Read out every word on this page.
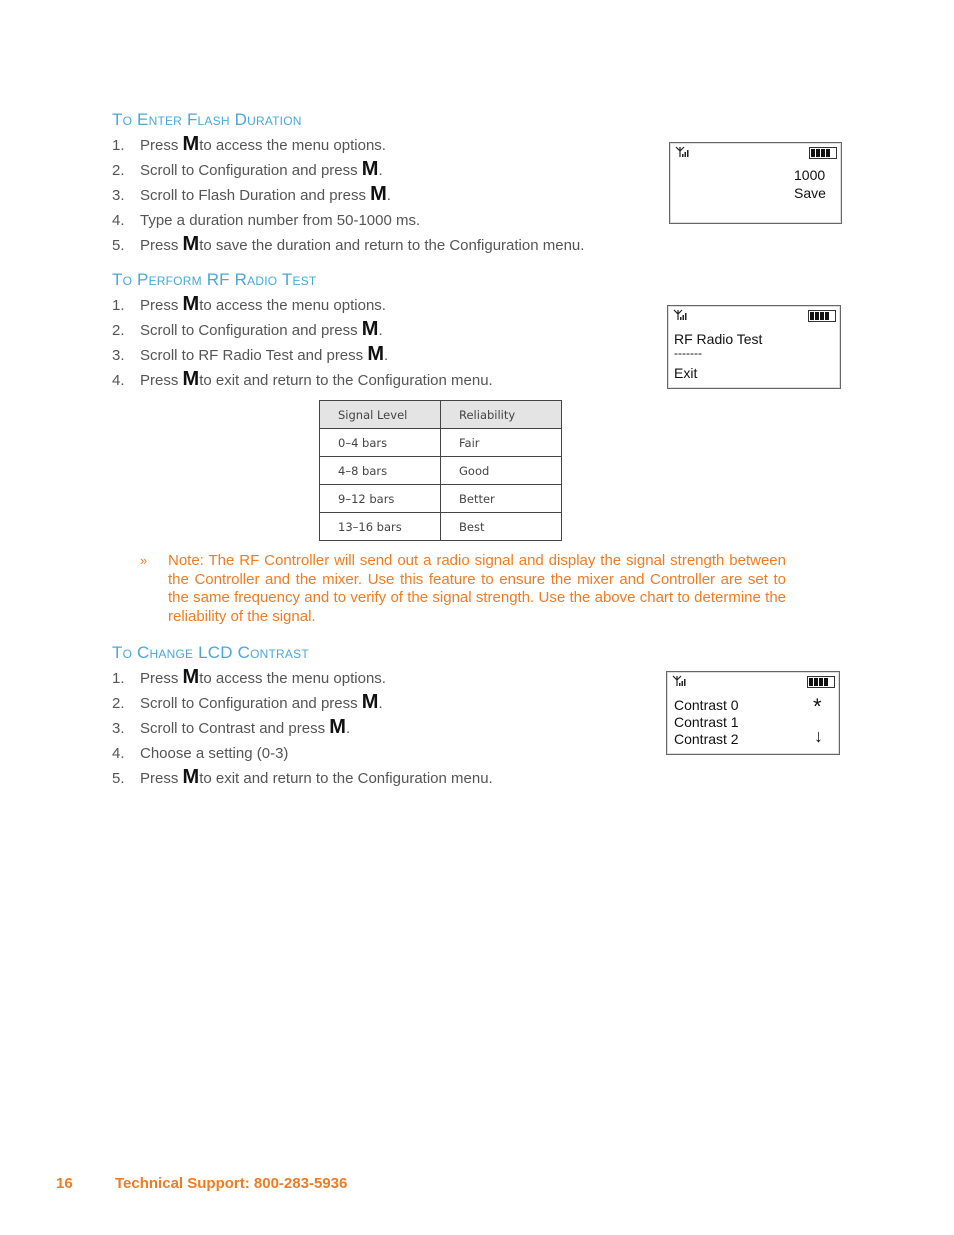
To Enter Flash Duration
1. Press Mto access the menu options.
2. Scroll to Configuration and press M.
3. Scroll to Flash Duration and press M.
4. Type a duration number from 50-1000 ms.
5. Press Mto save the duration and return to the Configuration menu.
1000
Save
To Perform RF Radio Test
1. Press Mto access the menu options.
2. Scroll to Configuration and press M.
3. Scroll to RF Radio Test and press M.
4. Press Mto exit and return to the Configuration menu.
RF Radio Test
-------
Exit
Signal Level	Reliability
0–4 bars	Fair
4–8 bars	Good
9–12 bars	Better
13–16 bars	Best
» Note: The RF Controller will send out a radio signal and display the signal strength between the Controller and the mixer. Use this feature to ensure the mixer and Controller are set to the same frequency and to verify of the signal strength. Use the above chart to determine the reliability of the signal.
To Change LCD Contrast
1. Press Mto access the menu options.
2. Scroll to Configuration and press M.
3. Scroll to Contrast and press M.
4. Choose a setting (0-3)
5. Press Mto exit and return to the Configuration menu.
Contrast 0
Contrast 1
Contrast 2
*
↓
16	Technical Support: 800-283-5936
